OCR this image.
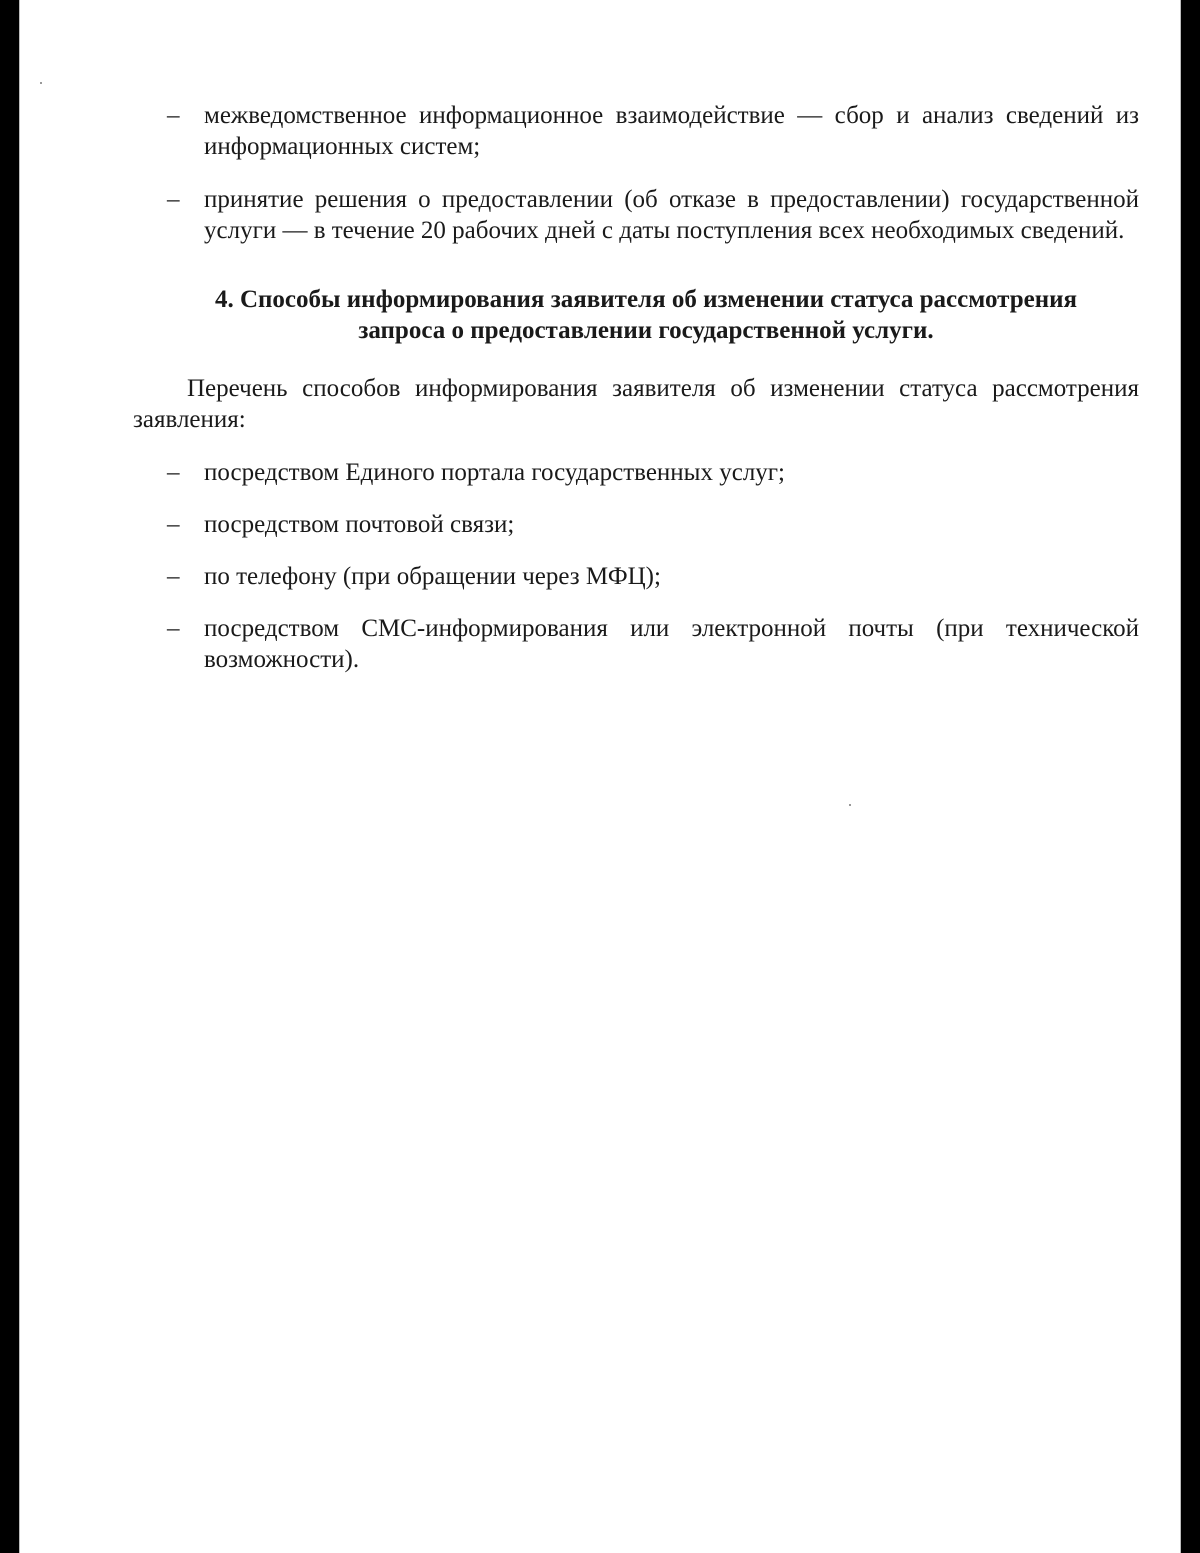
– межведомственное информационное взаимодействие — сбор и анализ сведений из информационных систем;
– принятие решения о предоставлении (об отказе в предоставлении) государственной услуги — в течение 20 рабочих дней с даты поступления всех необходимых сведений.
4. Способы информирования заявителя об изменении статуса рассмотрения
запроса о предоставлении государственной услуги.
Перечень способов информирования заявителя об изменении статуса рассмотрения заявления:
– посредством Единого портала государственных услуг;
– посредством почтовой связи;
– по телефону (при обращении через МФЦ);
– посредством СМС-информирования или электронной почты (при технической возможности).
